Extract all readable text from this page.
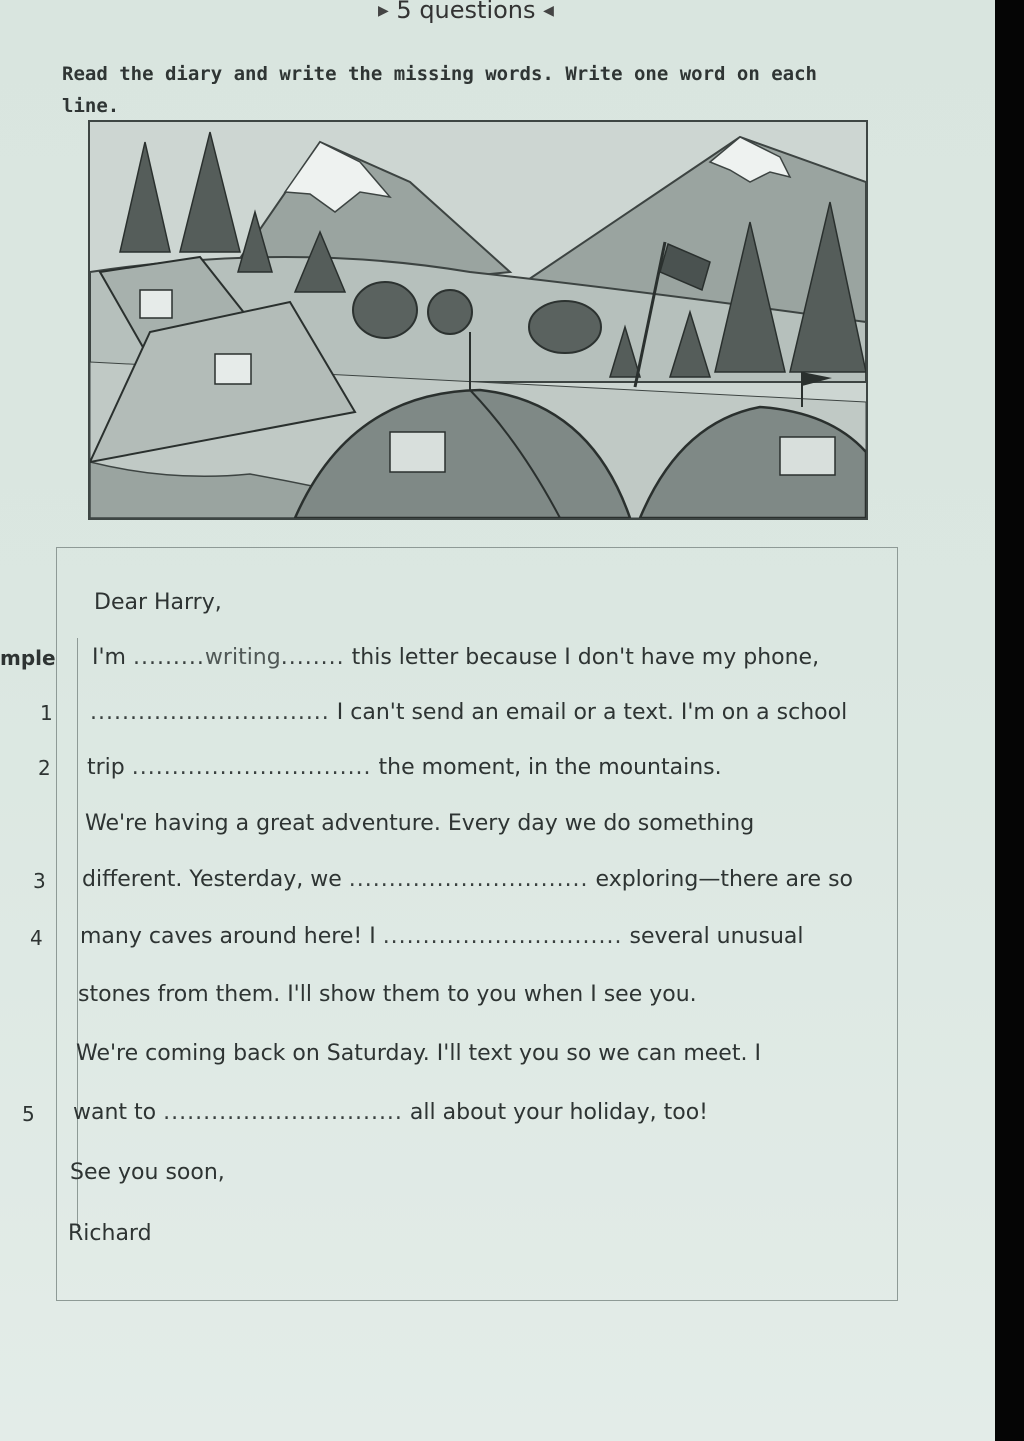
▶ 5 questions ◀
Read the diary and write the missing words. Write one word on each line.
Dear Harry,
mple I'm .........writing........ this letter because I don't have my phone,
1 .............................. I can't send an email or a text. I'm on a school
2 trip .............................. the moment, in the mountains.
We're having a great adventure. Every day we do something
3 different. Yesterday, we .............................. exploring—there are so
4 many caves around here! I .............................. several unusual
stones from them. I'll show them to you when I see you.
We're coming back on Saturday. I'll text you so we can meet. I
5 want to .............................. all about your holiday, too!
See you soon,
Richard
